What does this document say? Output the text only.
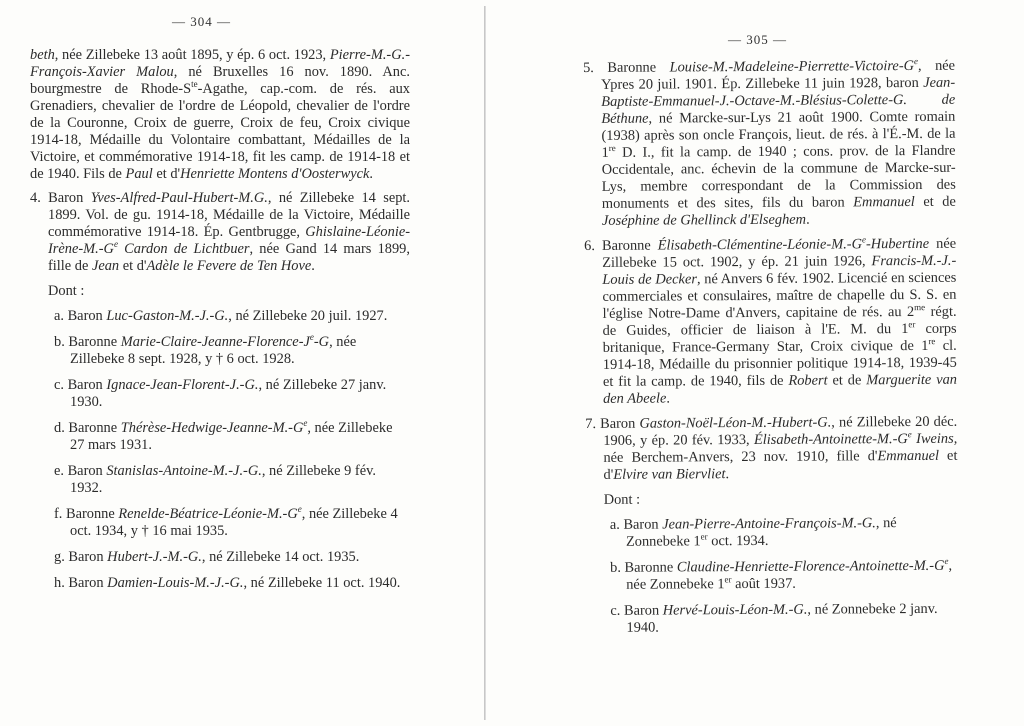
— 304 —

beth, née Zillebeke 13 août 1895, y ép. 6 oct. 1923, Pierre-M.-G.-François-Xavier Malou, né Bruxelles 16 nov. 1890. Anc. bourgmestre de Rhode-$S^{te}$-Agathe, cap.-com. de rés. aux Grenadiers, chevalier de l'ordre de Léopold, chevalier de l'ordre de la Couronne, Croix de guerre, Croix de feu, Croix civique 1914-18, Médaille du Volontaire combattant, Médailles de la Victoire, et commémorative 1914-18, fit les camp. de 1914-18 et de 1940. Fils de Paul et d'Henriette Montens d'Oosterwyck.

4. Baron Yves-Alfred-Paul-Hubert-M.G., né Zillebeke 14 sept. 1899. Vol. de gu. 1914-18, Médaille de la Victoire, Médaille commémorative 1914-18. Ép. Gentbrugge, Ghislaine-$Léonie-Irène-M.-G^e$ Cardon de Lichtbuer, née Gand 14 mars 1899, fille de Jean et d'Adèle le Fevere de Ten Hove.

Dont :

a. Baron Luc-Gaston-M.-J.-G., né Zillebeke 20 juil. 1927.

b. Baronne Marie-$Claire-Jeanne-Florence-J^e-G$, née Zillebeke 8 sept. 1928, y † 6 oct. 1928.

c. Baron Ignace-Jean-Florent-J.-G., né Zillebeke 27 janv. 1930.

d. Baronne Thérèse-$Hedwige-Jeanne-M.-G^e$, née Zillebeke 27 mars 1931.

e. Baron Stanislas-Antoine-M.-J.-G., né Zillebeke 9 fév. 1932.

f. Baronne Renelde-$Béatrice-Léonie-M.-G^e$, née Zillebeke 4 oct. 1934, y † 16 mai 1935.

g. Baron Hubert-J.-M.-G., né Zillebeke 14 oct. 1935.

h. Baron Damien-Louis-M.-J.-G., né Zillebeke 11 oct. 1940.

— 305 —

5. Baronne Louise-$M.-Madeleine-Pierrette-Victoire-G^e$, née Ypres 20 juil. 1901. Ép. Zillebeke 11 juin 1928, baron Jean-Baptiste-Emmanuel-J.-Octave-M.-Blésius-Colette-G. de Béthune, né Marcke-sur-Lys 21 août 1900. Comte romain (1938) après son oncle François, lieut. de rés. à l'É.-M. de la 1re D. I., fit la camp. de 1940 ; cons. prov. de la Flandre Occidentale, anc. échevin de la commune de Marcke-sur-Lys, membre correspondant de la Commission des monuments et des sites, fils du baron Emmanuel et de Joséphine de Ghellinck d'Elseghem.

6. Baronne Élisabeth-$Clémentine-Léonie-M.-G^e$-Hubertine née Zillebeke 15 oct. 1902, y ép. 21 juin 1926, Francis-M.-J.-Louis de Decker, né Anvers 6 fév. 1902. Licencié en sciences commerciales et consulaires, maître de chapelle du S. S. en l'église Notre-Dame d'Anvers, capitaine de rés. au $2^{me}$ régt. de Guides, officier de liaison à l'E. M. du 1er corps britanique, France-Germany Star, Croix civique de 1re cl. 1914-18, Médaille du prisonnier politique 1914-18, 1939-45 et fit la camp. de 1940, fils de Robert et de Marguerite van den Abeele.

7. Baron Gaston-Noël-Léon-M.-Hubert-G., né Zillebeke 20 déc. 1906, y ép. 20 fév. 1933, Élisabeth-$Antoinette-M.-G^e$ Iweins, née Berchem-Anvers, 23 nov. 1910, fille d'Emmanuel et d'Elvire van Biervliet.

Dont :

a. Baron Jean-Pierre-Antoine-François-M.-G., né Zonnebeke 1er oct. 1934.

b. Baronne Claudine-$Henriette-Florence-Antoinette-M.-G^e$, née Zonnebeke 1er août 1937.

c. Baron Hervé-Louis-Léon-M.-G., né Zonnebeke 2 janv. 1940.
